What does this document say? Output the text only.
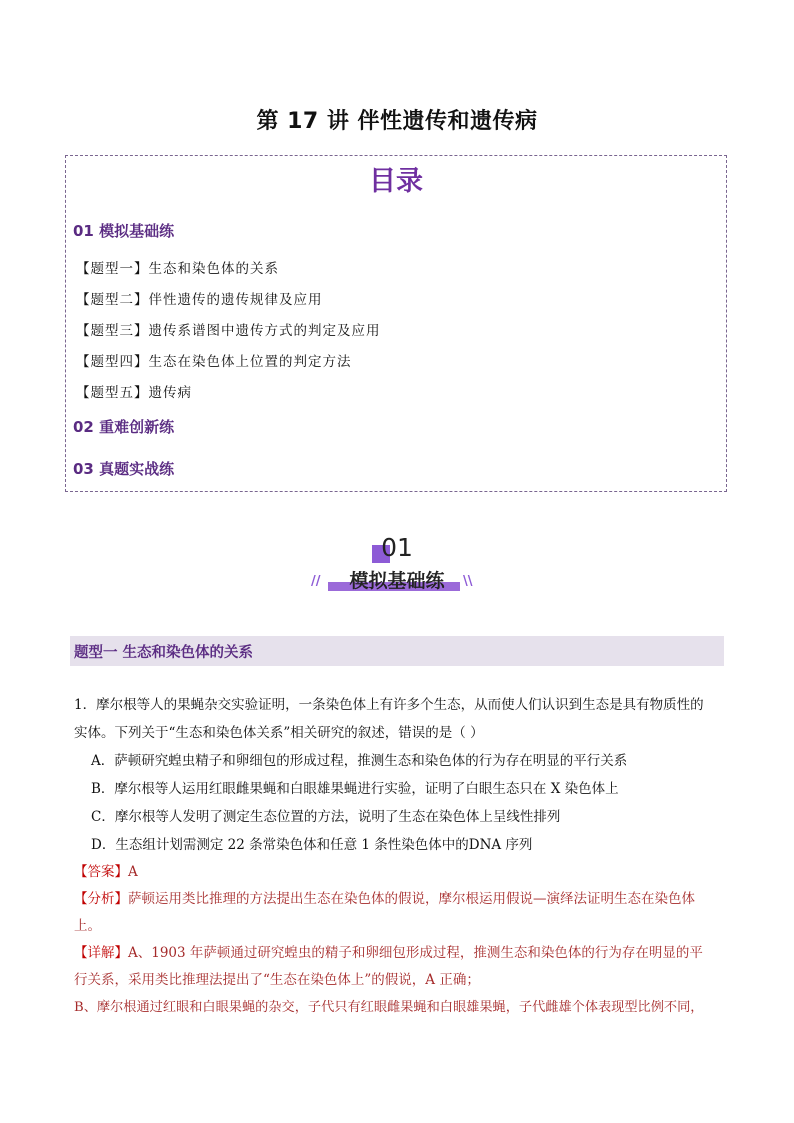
第 17 讲 伴性遗传和遗传病
目录
01 模拟基础练
【题型一】生态和染色体的关系
【题型二】伴性遗传的遗传规律及应用
【题型三】遗传系谱图中遗传方式的判定及应用
【题型四】生态在染色体上位置的判定方法
【题型五】遗传病
02 重难创新练
03 真题实战练
01
//	模拟基础练	\\
题型一 生态和染色体的关系
1．摩尔根等人的果蝇杂交实验证明，一条染色体上有许多个生态，从而使人们认识到生态是具有物质性的
实体。下列关于“生态和染色体关系”相关研究的叙述，错误的是（ ）
A．萨顿研究蝗虫精子和卵细包的形成过程，推测生态和染色体的行为存在明显的平行关系
B．摩尔根等人运用红眼雌果蝇和白眼雄果蝇进行实验，证明了白眼生态只在 X 染色体上
C．摩尔根等人发明了测定生态位置的方法，说明了生态在染色体上呈线性排列
D．生态组计划需测定 22 条常染色体和任意 1 条性染色体中的DNA 序列
【答案】A
【分析】萨顿运用类比推理的方法提出生态在染色体的假说，摩尔根运用假说—演绎法证明生态在染色体
上。
【详解】A、1903 年萨顿通过研究蝗虫的精子和卵细包形成过程，推测生态和染色体的行为存在明显的平
行关系，采用类比推理法提出了“生态在染色体上”的假说，A 正确；
B、摩尔根通过红眼和白眼果蝇的杂交，子代只有红眼雌果蝇和白眼雄果蝇，子代雌雄个体表现型比例不同，
